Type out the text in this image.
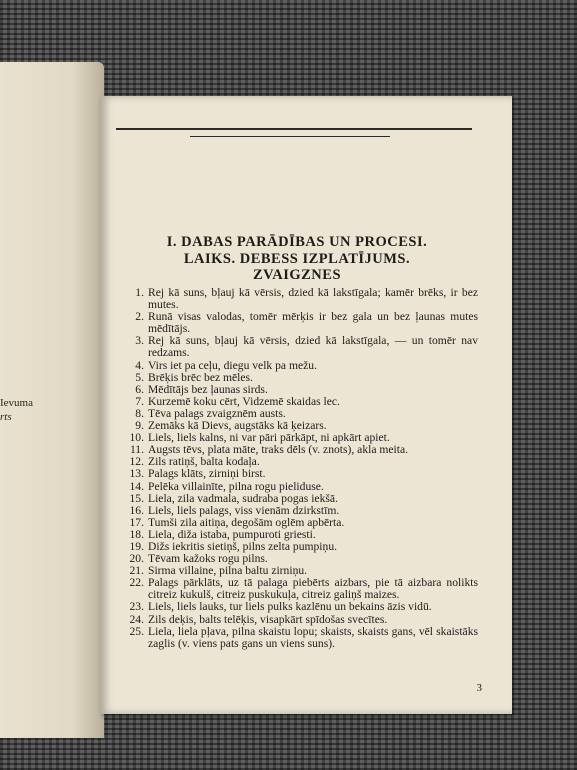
Ievuma
rts
I. DABAS PARĀDĪBAS UN PROCESI.
LAIKS. DEBESS IZPLATĪJUMS.
ZVAIGZNES
1. Rej kā suns, bļauj kā vērsis, dzied kā lakstīgala; kamēr brēks, ir bez mutes.
2. Runā visas valodas, tomēr mērķis ir bez gala un bez ļaunas mutes mēdītājs.
3. Rej kā suns, bļauj kā vērsis, dzied kā lakstīgala, — un tomēr nav redzams.
4. Virs iet pa ceļu, diegu velk pa mežu.
5. Brēķis brēc bez mēles.
6. Mēdītājs bez ļaunas sirds.
7. Kurzemē koku cērt, Vidzemē skaidas lec.
8. Tēva palags zvaigznēm austs.
9. Zemāks kā Dievs, augstāks kā ķeizars.
10. Liels, liels kalns, ni var pāri pārkāpt, ni apkārt apiet.
11. Augsts tēvs, plata māte, traks dēls (v. znots), akla meita.
12. Zils ratiņš, balta kodaļa.
13. Palags klāts, zirniņi birst.
14. Pelēka villainīte, pilna rogu pieliduse.
15. Liela, zila vadmala, sudraba pogas iekšā.
16. Liels, liels palags, viss vienām dzirkstīm.
17. Tumši zila aitiņa, degošām oglēm apbērta.
18. Liela, diža istaba, pumpuroti griesti.
19. Dižs iekritis sietiņš, pilns zelta pumpiņu.
20. Tēvam kažoks rogu pilns.
21. Sirma villaine, pilna baltu zirniņu.
22. Palags pārklāts, uz tā palaga piebērts aizbars, pie tā aizbara nolikts citreiz kukulš, citreiz puskukuļa, citreiz galiņš maizes.
23. Liels, liels lauks, tur liels pulks kazlēnu un bekains āzis vidū.
24. Zils deķis, balts telēķis, visapkārt spīdošas svecītes.
25. Liela, liela pļava, pilna skaistu lopu; skaists, skaists gans, vēl skaistāks zaglis (v. viens pats gans un viens suns).
3
